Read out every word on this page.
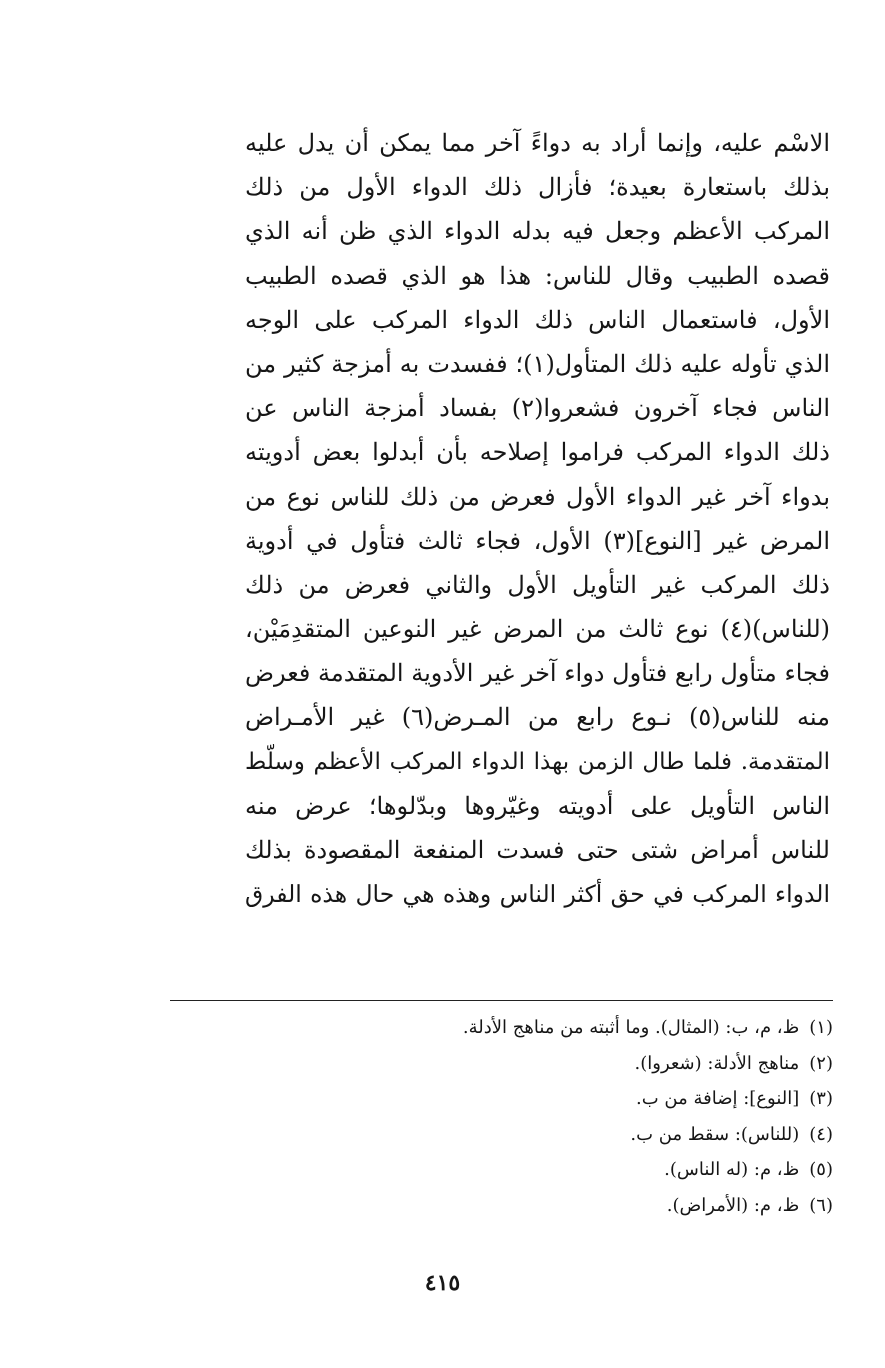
الاسْم عليه، وإنما أراد به دواءً آخر مما يمكن أن يدل عليه
بذلك باستعارة بعيدة؛ فأزال ذلك الدواء الأول من ذلك
المركب الأعظم وجعل فيه بدله الدواء الذي ظن أنه الذي
قصده الطبيب وقال للناس: هذا هو الذي قصده الطبيب
الأول، فاستعمال الناس ذلك الدواء المركب على الوجه
الذي تأوله عليه ذلك المتأول(١)؛ ففسدت به أمزجة كثير من
الناس فجاء آخرون فشعروا(٢) بفساد أمزجة الناس عن
ذلك الدواء المركب فراموا إصلاحه بأن أبدلوا بعض أدويته
بدواء آخر غير الدواء الأول فعرض من ذلك للناس نوع من
المرض غير [النوع](٣) الأول، فجاء ثالث فتأول في أدوية
ذلك المركب غير التأويل الأول والثاني فعرض من ذلك
(للناس)(٤) نوع ثالث من المرض غير النوعين المتقدِمَيْن،
فجاء متأول رابع فتأول دواء آخر غير الأدوية المتقدمة فعرض
منه للناس(٥) نـوع رابع من المـرض(٦) غير الأمـراض
المتقدمة. فلما طال الزمن بهذا الدواء المركب الأعظم وسلّط
الناس التأويل على أدويته وغيّروها وبدّلوها؛ عرض منه
للناس أمراض شتى حتى فسدت المنفعة المقصودة بذلك
الدواء المركب في حق أكثر الناس وهذه هي حال هذه الفرق
(١)ظ، م، ب: (المثال). وما أثبته من مناهج الأدلة.
(٢)مناهج الأدلة: (شعروا).
(٣)[النوع]: إضافة من ب.
(٤)(للناس): سقط من ب.
(٥)ظ، م: (له الناس).
(٦)ظ، م: (الأمراض).
٤١٥
